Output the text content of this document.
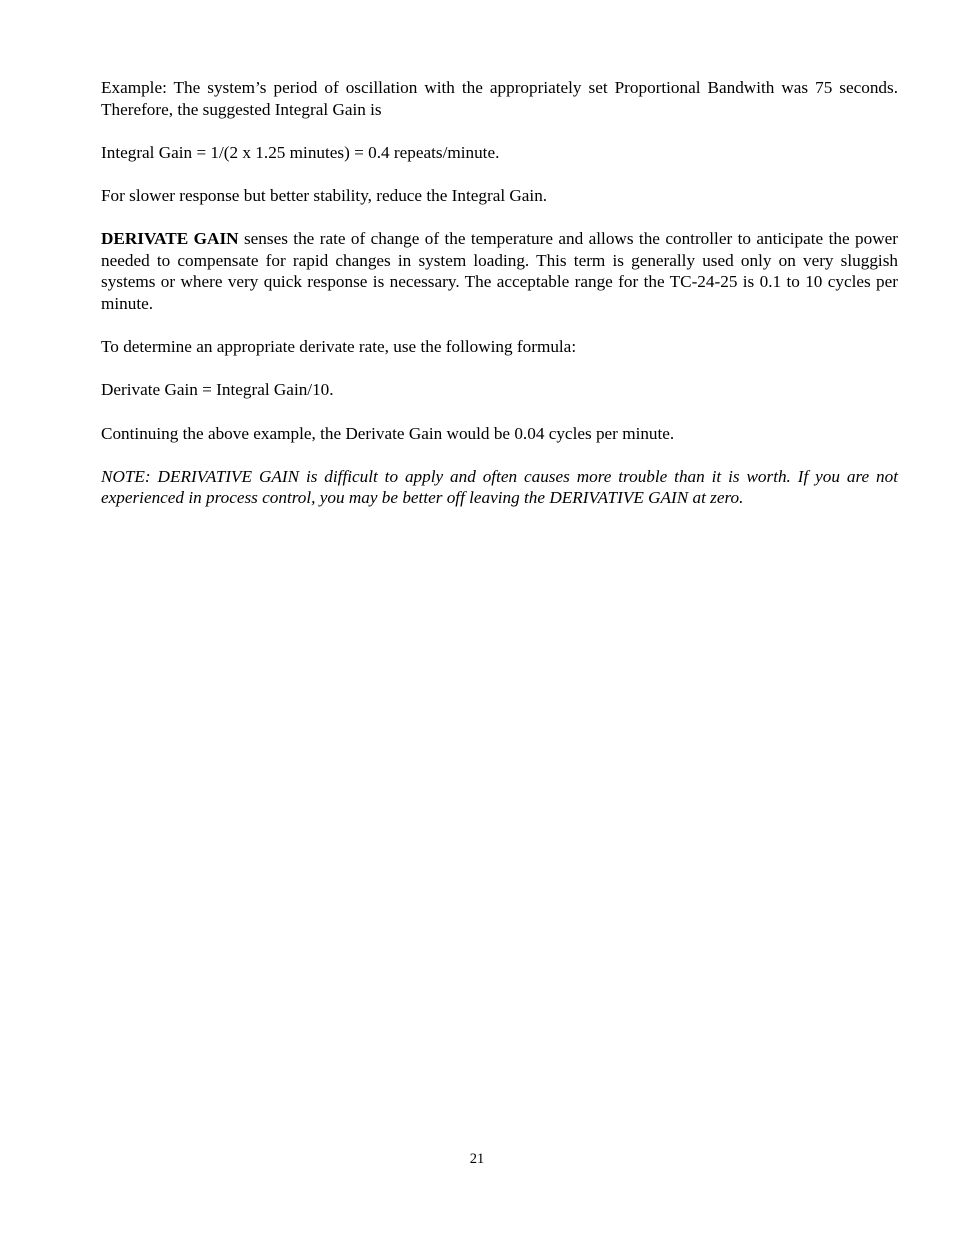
Example: The system’s period of oscillation with the appropriately set Proportional Bandwith was 75 seconds. Therefore, the suggested Integral Gain is

Integral Gain = 1/(2 x 1.25 minutes) = 0.4 repeats/minute.

For slower response but better stability, reduce the Integral Gain.

DERIVATE GAIN senses the rate of change of the temperature and allows the controller to anticipate the power needed to compensate for rapid changes in system loading. This term is generally used only on very sluggish systems or where very quick response is necessary. The acceptable range for the TC-24-25 is 0.1 to 10 cycles per minute.

To determine an appropriate derivate rate, use the following formula:

Derivate Gain = Integral Gain/10.

Continuing the above example, the Derivate Gain would be 0.04 cycles per minute.

NOTE: DERIVATIVE GAIN is difficult to apply and often causes more trouble than it is worth. If you are not experienced in process control, you may be better off leaving the DERIVATIVE GAIN at zero.

21
